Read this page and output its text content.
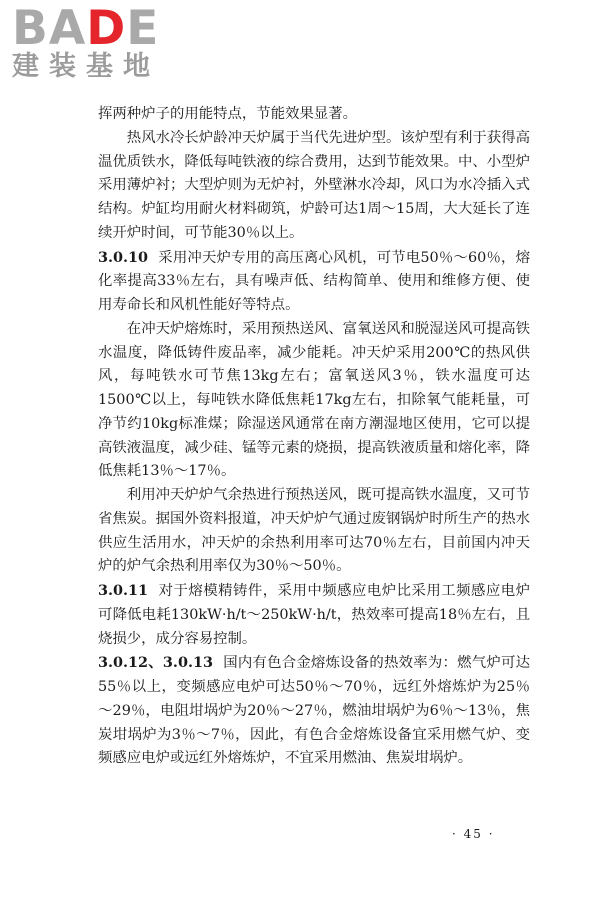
BADE
建装基地

挥两种炉子的用能特点，节能效果显著。

热风水冷长炉龄冲天炉属于当代先进炉型。该炉型有利于获得高温优质铁水，降低每吨铁液的综合费用，达到节能效果。中、小型炉采用薄炉衬；大型炉则为无炉衬，外壁淋水冷却，风口为水冷插入式结构。炉缸均用耐火材料砌筑，炉龄可达1周～15周，大大延长了连续开炉时间，可节能30％以上。

3.0.10 采用冲天炉专用的高压离心风机，可节电50％～60％，熔化率提高33％左右，具有噪声低、结构简单、使用和维修方便、使用寿命长和风机性能好等特点。

在冲天炉熔炼时，采用预热送风、富氧送风和脱湿送风可提高铁水温度，降低铸件废品率，减少能耗。冲天炉采用200℃的热风供风，每吨铁水可节焦13kg左右；富氧送风3％，铁水温度可达1500℃以上，每吨铁水降低焦耗17kg左右，扣除氧气能耗量，可净节约10kg标准煤；除湿送风通常在南方潮湿地区使用，它可以提高铁液温度，减少硅、锰等元素的烧损，提高铁液质量和熔化率，降低焦耗13％～17％。

利用冲天炉炉气余热进行预热送风，既可提高铁水温度，又可节省焦炭。据国外资料报道，冲天炉炉气通过废钢锅炉时所生产的热水供应生活用水，冲天炉的余热利用率可达70％左右，目前国内冲天炉的炉气余热利用率仅为30％～50％。

3.0.11 对于熔模精铸件，采用中频感应电炉比采用工频感应电炉可降低电耗130kW·h/t～250kW·h/t，热效率可提高18％左右，且烧损少，成分容易控制。

3.0.12、3.0.13 国内有色合金熔炼设备的热效率为：燃气炉可达55％以上，变频感应电炉可达50％～70％，远红外熔炼炉为25％～29％，电阻坩埚炉为20％～27％，燃油坩埚炉为6％～13％，焦炭坩埚炉为3％～7％，因此，有色合金熔炼设备宜采用燃气炉、变频感应电炉或远红外熔炼炉，不宜采用燃油、焦炭坩埚炉。

· 45 ·
